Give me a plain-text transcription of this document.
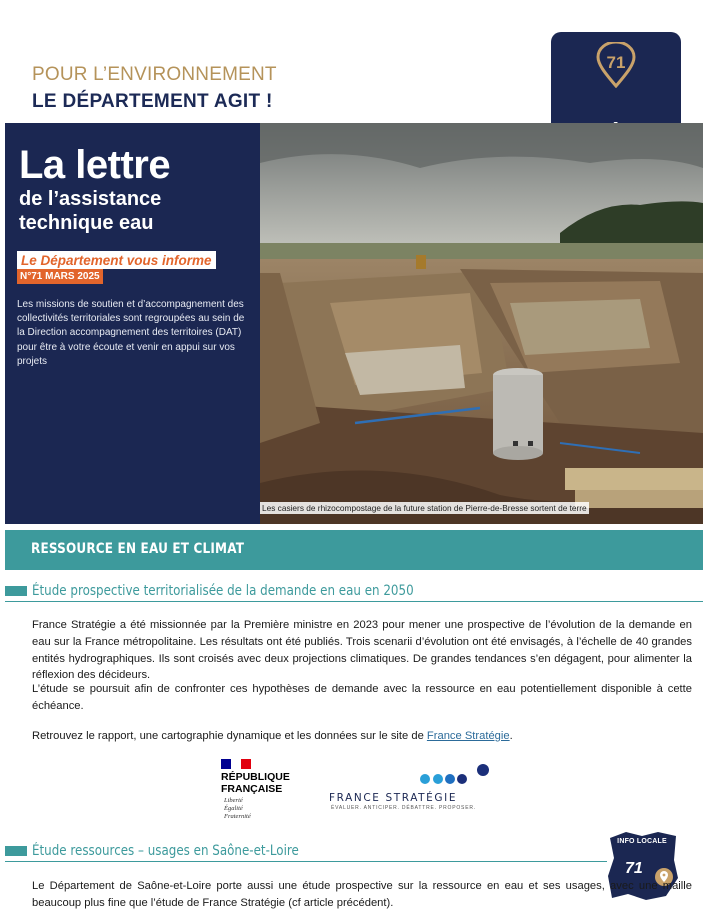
POUR L’ENVIRONNEMENT
LE DÉPARTEMENT AGIT !
71
La lettre
de l’assistance
technique eau
Le Département vous informe
N°71 MARS 2025
Les missions de soutien et d’accompagnement des collectivités territoriales sont regroupées au sein de la Direction accompagnement des territoires (DAT) pour être à votre écoute et venir en appui sur vos projets
Les casiers de rhizocompostage de la future station de Pierre-de-Bresse sortent de terre
RESSOURCE EN EAU ET CLIMAT
Étude prospective territorialisée de la demande en eau en 2050
France Stratégie a été missionnée par la Première ministre en 2023 pour mener une prospective de l’évolution de la demande en eau sur la France métropolitaine. Les résultats ont été publiés. Trois scenarii d’évolution ont été envisagés, à l’échelle de 40 grandes entités hydrographiques. Ils sont croisés avec deux projections climatiques. De grandes tendances s’en dégagent, pour alimenter la réflexion des décideurs.
L’étude se poursuit afin de confronter ces hypothèses de demande avec la ressource en eau potentiellement disponible à cette échéance.
Retrouvez le rapport, une cartographie dynamique et les données sur le site de France Stratégie.
RÉPUBLIQUE
FRANÇAISE
Liberté
Égalité
Fraternité
FRANCE STRATÉGIE
ÉVALUER. ANTICIPER. DÉBATTRE. PROPOSER.
Étude ressources – usages en Saône-et-Loire
INFO LOCALE
71
Le Département de Saône-et-Loire porte aussi une étude prospective sur la ressource en eau et ses usages, avec une maille beaucoup plus fine que l’étude de France Stratégie (cf article précédent).
